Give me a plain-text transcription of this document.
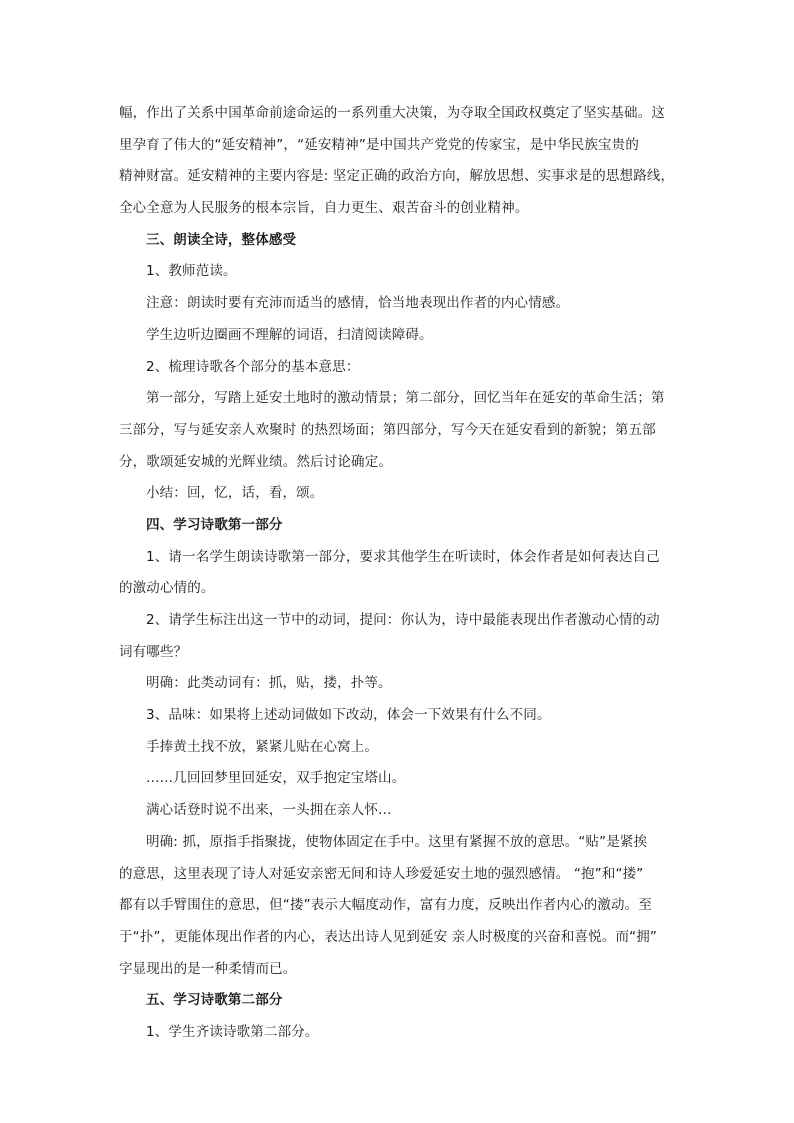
幅，作出了关系中国革命前途命运的一系列重大决策，为夺取全国政权奠定了坚实基础。这
里孕育了伟大的“延安精神”，“延安精神”是中国共产党党的传家宝，是中华民族宝贵的
精神财富。延安精神的主要内容是: 坚定正确的政治方向，解放思想、实事求是的思想路线，
全心全意为人民服务的根本宗旨，自力更生、艰苦奋斗的创业精神。
三、朗读全诗，整体感受
1、教师范读。
注意：朗读时要有充沛而适当的感情，恰当地表现出作者的内心情感。
学生边听边圈画不理解的词语，扫清阅读障碍。
2、梳理诗歌各个部分的基本意思：
第一部分，写踏上延安土地时的激动情景；第二部分，回忆当年在延安的革命生活；第
三部分，写与延安亲人欢聚时 的热烈场面；第四部分，写今天在延安看到的新貌；第五部
分，歌颂延安城的光辉业绩。然后讨论确定。
小结：回，忆，话，看，颂。
四、学习诗歌第一部分
1、请一名学生朗读诗歌第一部分，要求其他学生在听读时，体会作者是如何表达自己
的激动心情的。
2、请学生标注出这一节中的动词，提问：你认为，诗中最能表现出作者激动心情的动
词有哪些？
明确：此类动词有：抓，贴，搂，扑等。
3、品味：如果将上述动词做如下改动，体会一下效果有什么不同。
手捧黄土找不放，紧紧儿贴在心窝上。
……几回回梦里回延安，双手抱定宝塔山。
满心话登时说不出来，一头拥在亲人怀…
明确: 抓，原指手指聚拢，使物体固定在手中。这里有紧握不放的意思。“贴”是紧挨
的意思，这里表现了诗人对延安亲密无间和诗人珍爱延安土地的强烈感情。 “抱”和“搂”
都有以手臂围住的意思，但“搂”表示大幅度动作，富有力度，反映出作者内心的激动。至
于“扑”，更能体现出作者的内心，表达出诗人见到延安 亲人时极度的兴奋和喜悦。而“拥”
字显现出的是一种柔情而已。
五、学习诗歌第二部分
1、学生齐读诗歌第二部分。
